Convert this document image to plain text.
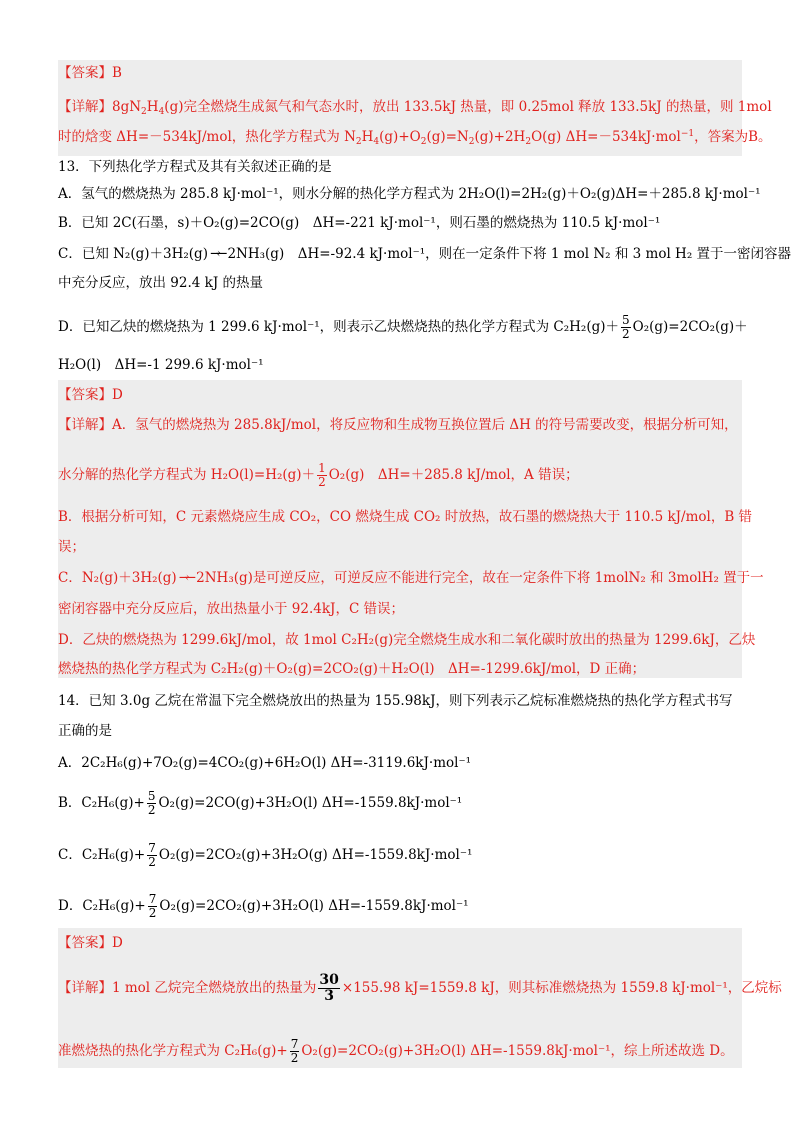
【答案】B
【详解】$8gN_2H_4(g)$完全燃烧生成氮气和气态水时，放出 133.5kJ 热量，即 0.25mol 释放 133.5kJ 的热量，则 1mol
时的焓变 ΔH=－534kJ/mol，热化学方程式为 $N_2H_4(g)+O_2(g)=N_2(g)+2H_2O(g)$ ΔH=－534kJ·mol$^{-1}$，答案为B。
13．下列热化学方程式及其有关叙述正确的是
A．氢气的燃烧热为 285.8 kJ·mol⁻¹，则水分解的热化学方程式为 2H₂O(l)=2H₂(g)＋O₂(g)ΔH=＋285.8 kJ·mol⁻¹
B．已知 2C(石墨，s)＋O₂(g)=2CO(g)　ΔH=-221 kJ·mol⁻¹，则石墨的燃烧热为 110.5 kJ·mol⁻¹
C．已知 N₂(g)＋3H₂(g) ⇀↽ 2NH₃(g)　ΔH=-92.4 kJ·mol⁻¹，则在一定条件下将 1 mol N₂ 和 3 mol H₂ 置于一密闭容器
中充分反应，放出 92.4 kJ 的热量
D．已知乙炔的燃烧热为 1 299.6 kJ·mol⁻¹，则表示乙炔燃烧热的热化学方程式为 $C_2H_2(g)+ \frac{5}{2} O_2(g)=2CO_2(g)+$
H₂O(l)　ΔH=-1 299.6 kJ·mol⁻¹
【答案】D
【详解】A．氢气的燃烧热为 285.8kJ/mol，将反应物和生成物互换位置后 ΔH 的符号需要改变，根据分析可知，
水分解的热化学方程式为 $H_2O(l)=H_2(g)+ \frac{1}{2} O_2(g)$　ΔH=＋285.8 kJ/mol，A 错误；
B．根据分析可知，C 元素燃烧应生成 CO₂，CO 燃烧生成 CO₂ 时放热，故石墨的燃烧热大于 110.5 kJ/mol，B 错
误；
C．N₂(g)＋3H₂(g) ⇀↽ 2NH₃(g)是可逆反应，可逆反应不能进行完全，故在一定条件下将 1molN₂ 和 3molH₂ 置于一
密闭容器中充分反应后，放出热量小于 92.4kJ，C 错误；
D．乙炔的燃烧热为 1299.6kJ/mol，故 1mol C₂H₂(g)完全燃烧生成水和二氧化碳时放出的热量为 1299.6kJ，乙炔
燃烧热的热化学方程式为 C₂H₂(g)＋O₂(g)=2CO₂(g)＋H₂O(l)　ΔH=-1299.6kJ/mol，D 正确；
14．已知 3.0g 乙烷在常温下完全燃烧放出的热量为 155.98kJ，则下列表示乙烷标准燃烧热的热化学方程式书写
正确的是
A．2C₂H₆(g)+7O₂(g)=4CO₂(g)+6H₂O(l) ΔH=-3119.6kJ·mol⁻¹
B．$C_2H_6(g)+ \frac{5}{2} O_2(g)=2CO(g)+3H_2O(l)$ ΔH=-1559.8kJ·mol⁻¹
C．$C_2H_6(g)+ \frac{7}{2} O_2(g)=2CO_2(g)+3H_2O(g)$ ΔH=-1559.8kJ·mol⁻¹
D．$C_2H_6(g)+ \frac{7}{2} O_2(g)=2CO_2(g)+3H_2O(l)$ ΔH=-1559.8kJ·mol⁻¹
【答案】D
【详解】1 mol 乙烷完全燃烧放出的热量为 $\frac{30}{3} \times 155.98$ kJ=1559.8 kJ，则其标准燃烧热为 1559.8 kJ·mol⁻¹，乙烷标
准燃烧热的热化学方程式为 $C_2H_6(g)+ \frac{7}{2} O_2(g)=2CO_2(g)+3H_2O(l)$ ΔH=-1559.8kJ·mol⁻¹，综上所述故选 D。
